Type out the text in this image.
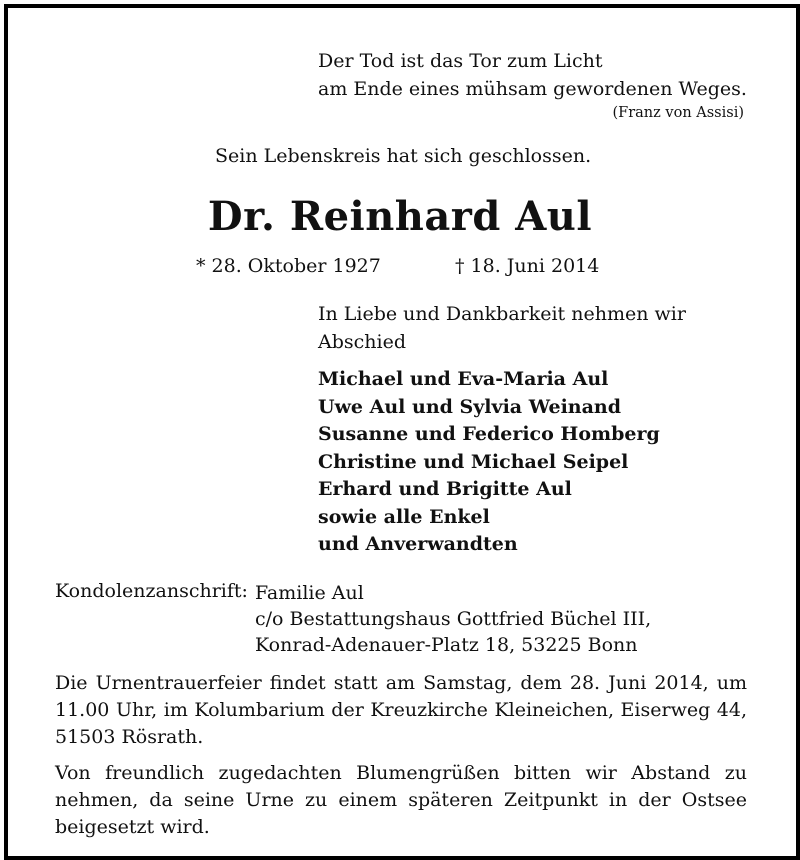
Der Tod ist das Tor zum Licht
am Ende eines mühsam gewordenen Weges.
(Franz von Assisi)
Sein Lebenskreis hat sich geschlossen.
Dr. Reinhard Aul
* 28. Oktober 1927	† 18. Juni 2014
In Liebe und Dankbarkeit nehmen wir Abschied
Michael und Eva-Maria Aul
Uwe Aul und Sylvia Weinand
Susanne und Federico Homberg
Christine und Michael Seipel
Erhard und Brigitte Aul
sowie alle Enkel
und Anverwandten
Kondolenzanschrift: Familie Aul
c/o Bestattungshaus Gottfried Büchel III,
Konrad-Adenauer-Platz 18, 53225 Bonn
Die Urnentrauerfeier findet statt am Samstag, dem 28. Juni 2014, um 11.00 Uhr, im Kolumbarium der Kreuzkirche Kleineichen, Eiserweg 44, 51503 Rösrath.
Von freundlich zugedachten Blumengrüßen bitten wir Abstand zu nehmen, da seine Urne zu einem späteren Zeitpunkt in der Ostsee beigesetzt wird.
